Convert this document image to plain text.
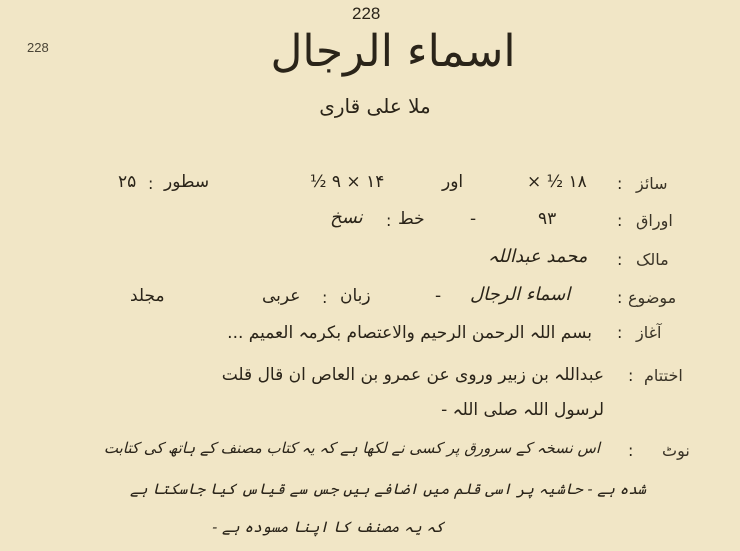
228
228	اسماء الرجال
ملا علی قاری
سائز
:
۱۸ ½ ×
اور
۱۴ × ۹ ½
سطور
:
۲۵
اوراق
:
۹۳
-
خط
:
نسخ
مالک
:
محمد عبداللہ
موضوع
:
اسماء الرجال
-
زبان
:
عربی
مجلد
آغاز
:
بسم اللہ الرحمن الرحیم والاعتصام بکرمہ العمیم ...
اختتام
:
عبداللہ بن زبیر وروی عن عمرو بن العاص ان قال قلت
لرسول اللہ صلی اللہ -
نوٹ
:
اس نسخہ کے سرورق پر کسی نے لکھا ہے کہ یہ کتاب مصنف کے ہاتھ کی کتابت
شدہ ہے - حاشیہ پر اسی قلم میں اضافے ہیں جس سے قیاس کیا جاسکتا ہے
کہ یہ مصنف کا اپنا مسودہ ہے -
